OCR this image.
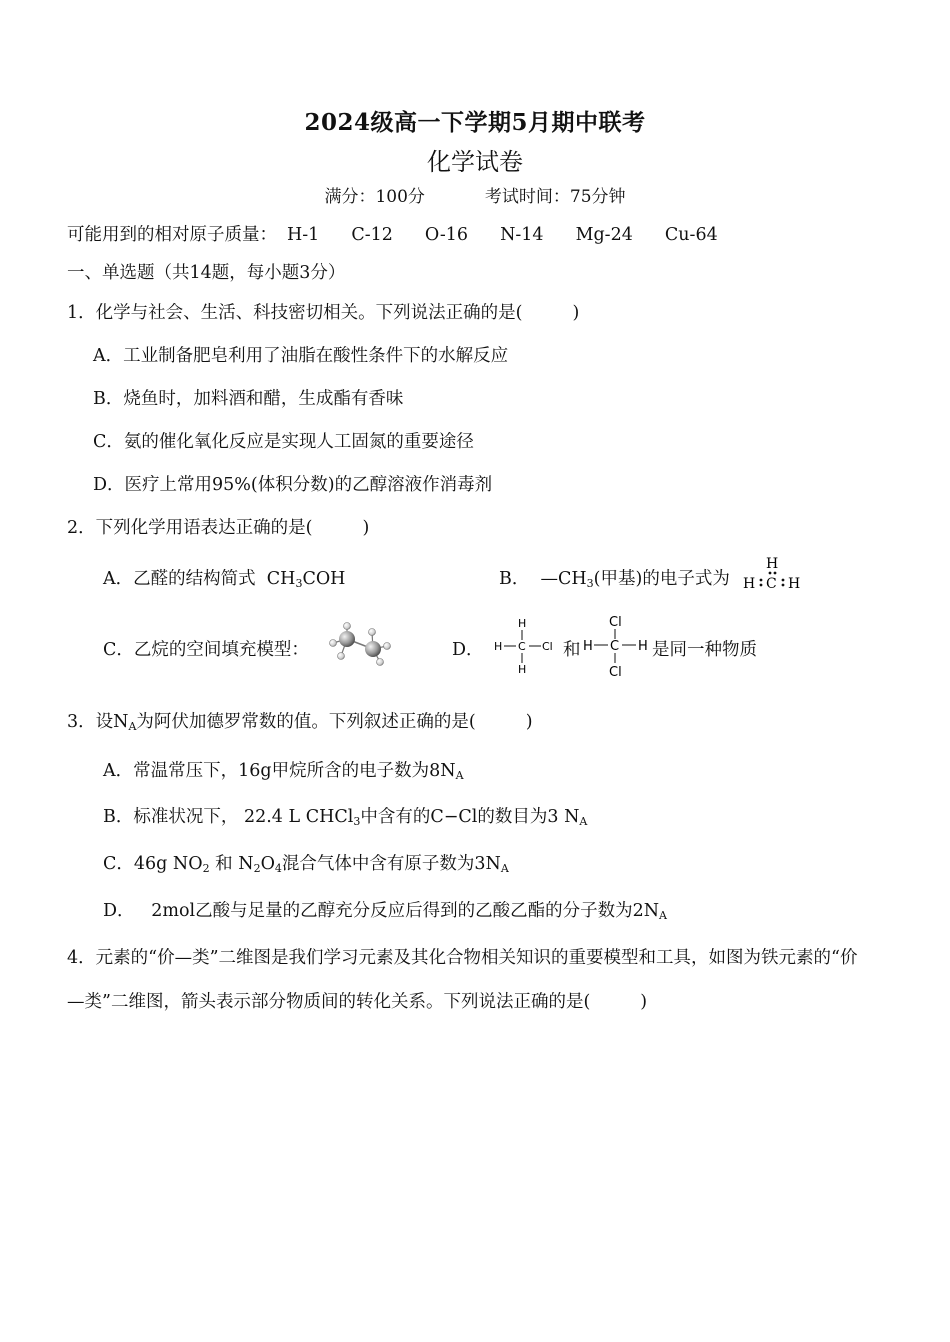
2024级高一下学期5月期中联考
化学试卷
满分：100分	考试时间：75分钟
可能用到的相对原子质量： H-1 C-12 O-16 N-14 Mg-24 Cu-64
一、单选题（共14题，每小题3分）
1．化学与社会、生活、科技密切相关。下列说法正确的是(	)
A．工业制备肥皂利用了油脂在酸性条件下的水解反应
B．烧鱼时，加料酒和醋，生成酯有香味
C．氨的催化氧化反应是实现人工固氮的重要途径
D．医疗上常用95%(体积分数)的乙醇溶液作消毒剂
2．下列化学用语表达正确的是(	)
A．乙醛的结构简式 $CH_3COH$	B． $—CH_3$(甲基)的电子式为
H
H C H
C．乙烷的空间填充模型：	D．
H
H C Cl
H
和
Cl
H C H
Cl
是同一种物质
3．设$N_A$为阿伏加德罗常数的值。下列叙述正确的是(	)
A．常温常压下，16g甲烷所含的电子数为$8N_A$
B．标准状况下， 22.4 L CHCl$_3$中含有的C−Cl的数目为3 $N_A$
C．46g $NO_2$ 和 $N_2O_4$混合气体中含有原子数为$3N_A$
D． 2mol乙酸与足量的乙醇充分反应后得到的乙酸乙酯的分子数为$2N_A$
4．元素的“价—类”二维图是我们学习元素及其化合物相关知识的重要模型和工具，如图为铁元素的“价—类”二维图，箭头表示部分物质间的转化关系。下列说法正确的是(	)
